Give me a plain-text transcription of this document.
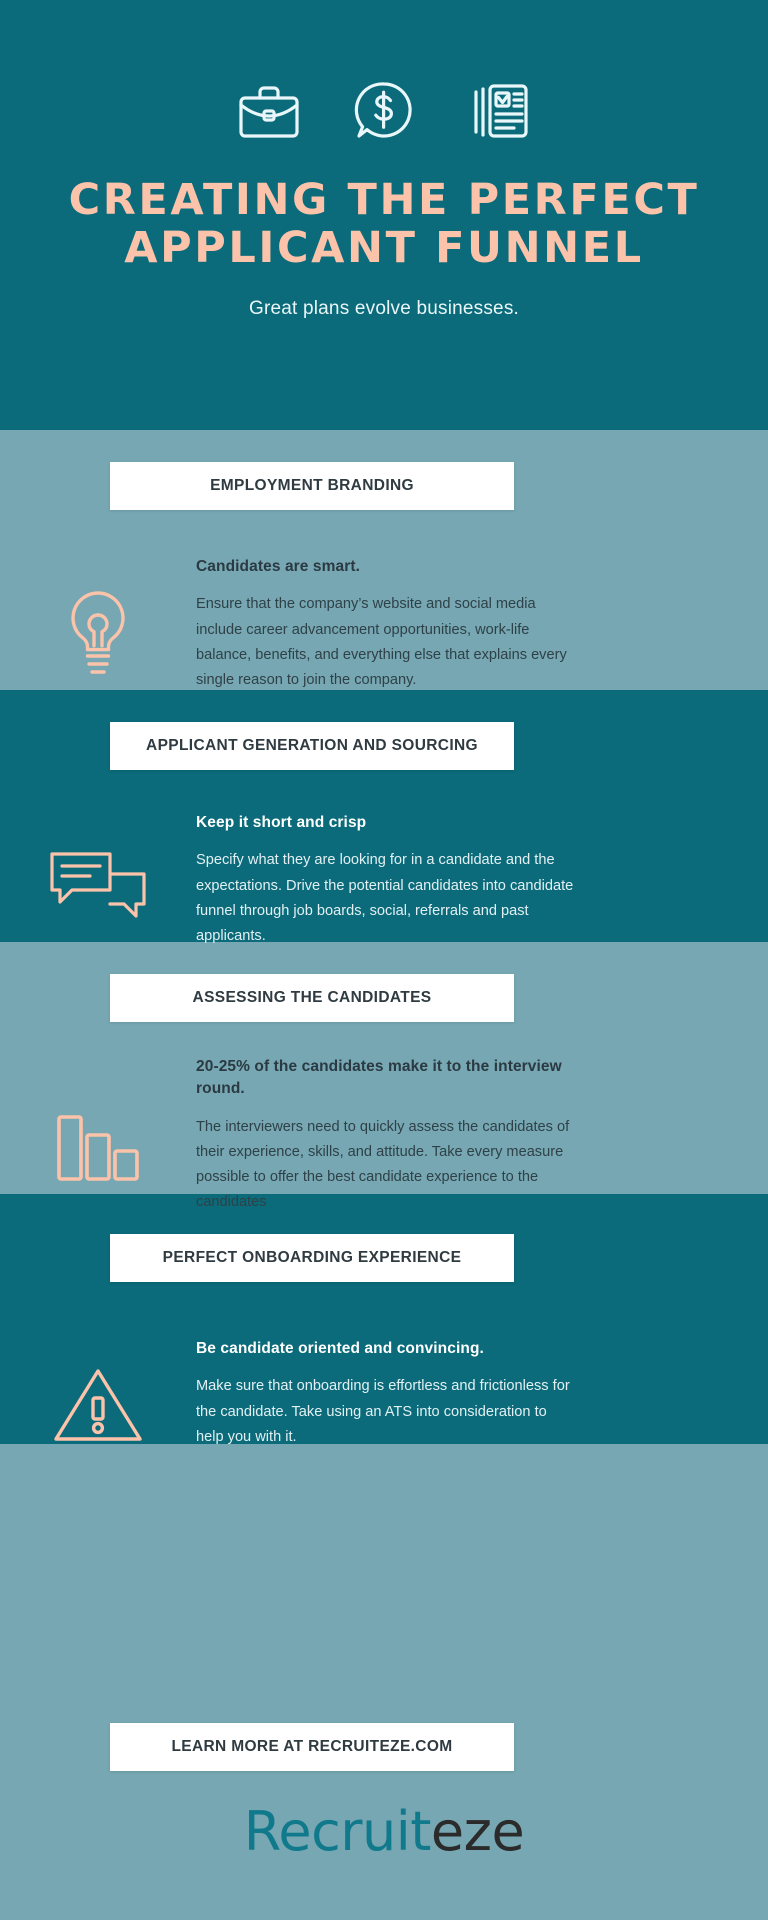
CREATING THE PERFECT APPLICANT FUNNEL
Great plans evolve businesses.
EMPLOYMENT BRANDING
Candidates are smart.
Ensure that the company’s website and social media include career advancement opportunities, work-life balance, benefits, and everything else that explains every single reason to join the company.
APPLICANT GENERATION AND SOURCING
Keep it short and crisp
Specify what they are looking for in a candidate and the expectations. Drive the potential candidates into candidate funnel through job boards, social, referrals and past applicants.
ASSESSING THE CANDIDATES
20-25% of the candidates make it to the interview round.
The interviewers need to quickly assess the candidates of their experience, skills, and attitude. Take every measure possible to offer the best candidate experience to the candidates
PERFECT ONBOARDING EXPERIENCE
Be candidate oriented and convincing.
Make sure that onboarding is effortless and frictionless for the candidate. Take using an ATS into consideration to help you with it.
LEARN MORE AT RECRUITEZE.COM
Recruiteze
